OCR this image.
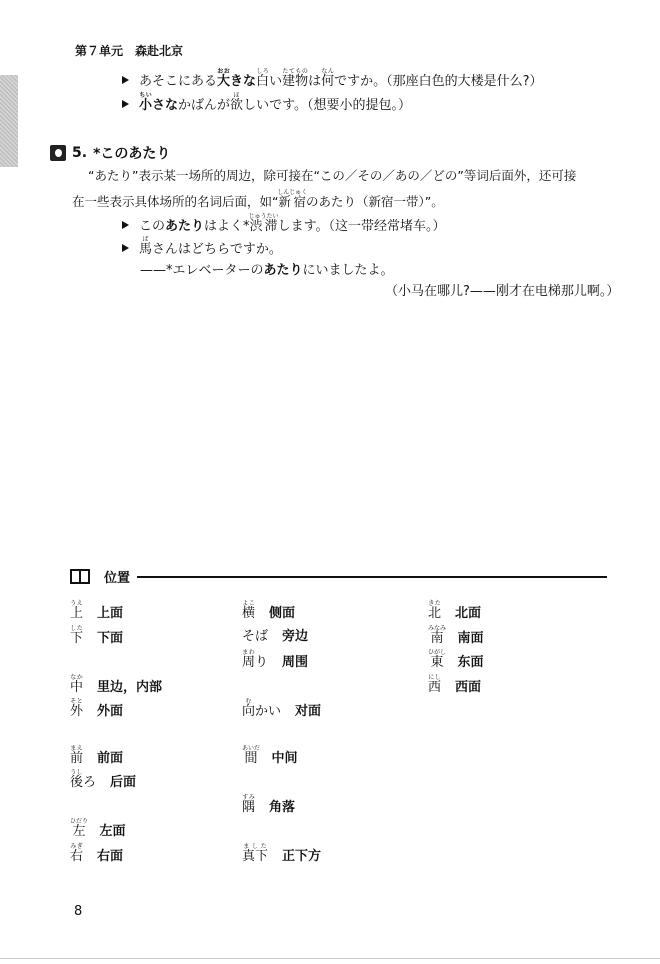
第７单元　森赴北京
あそこにある大おおきな白しろい建物たてものは何なんですか。（那座白色的大楼是什么?）
小ちいさなかばんが欲ほしいです。（想要小的提包。）
5. *このあたり
“あたり”表示某一场所的周边，除可接在“この／その／あの／どの”等词后面外，还可接
在一些表示具体场所的名词后面，如“新宿しんじゅくのあたり（新宿一带）”。
このあたりはよく*渋滞じゅうたいします。（这一带经常堵车。）
馬ばさんはどちらですか。
——*エレベーターのあたりにいましたよ。
（小马在哪儿?——刚才在电梯那儿啊。）
位置
上うえ上面
下した下面
中なか里边，内部
外そと外面
前まえ前面
後うしろ 后面
左ひだり左面
右みぎ右面
横よこ侧面
そば 旁边
周まわり 周围
向むかい 对面
間あいだ中间
隅すみ角落
真下ました正下方
北きた北面
南みなみ南面
東ひがし东面
西にし西面
8
